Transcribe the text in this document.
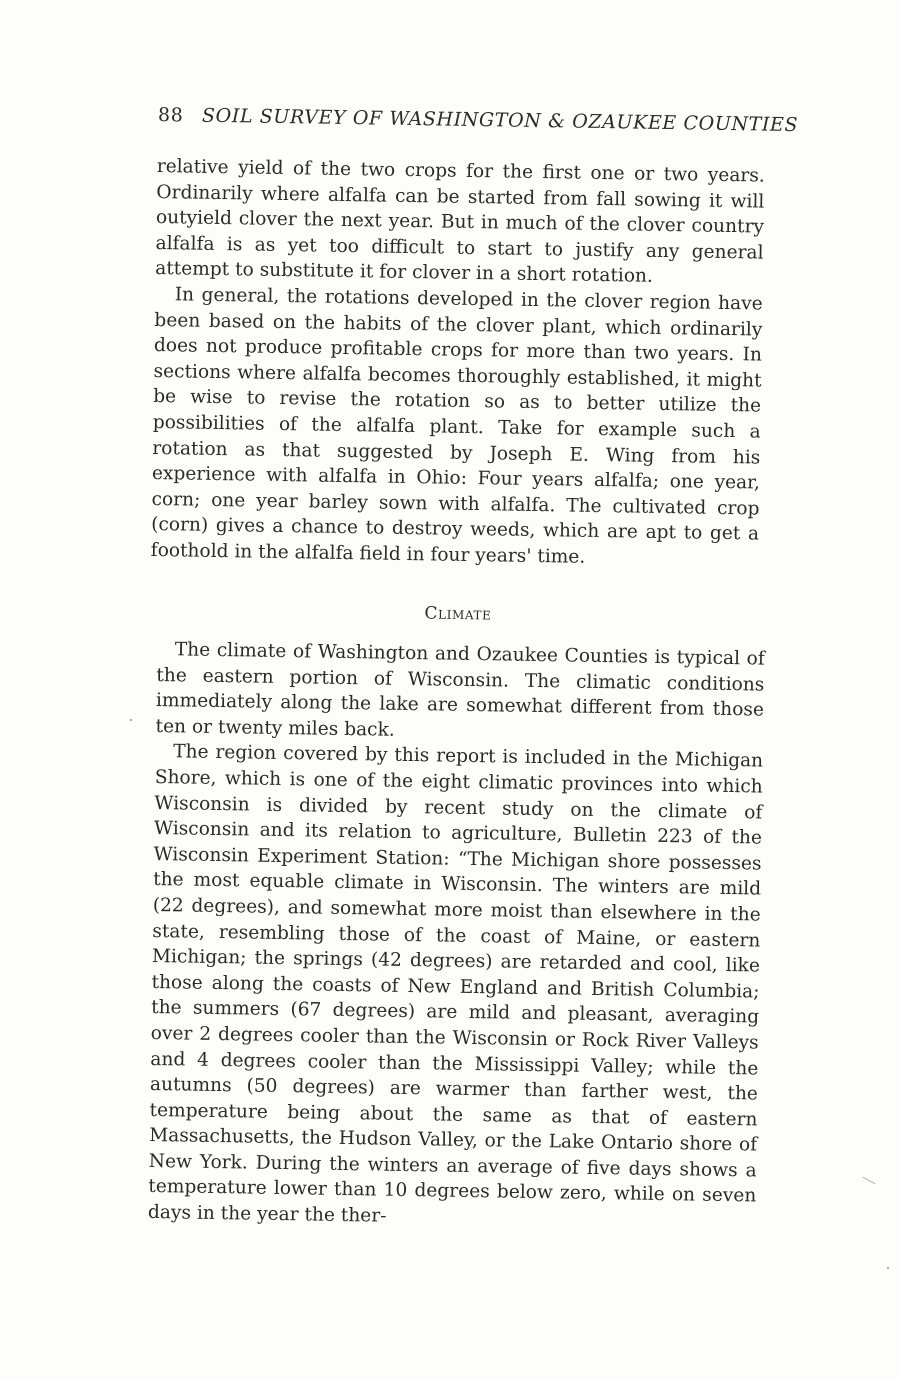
88 SOIL SURVEY OF WASHINGTON & OZAUKEE COUNTIES

relative yield of the two crops for the first one or two years. Ordinarily where alfalfa can be started from fall sowing it will outyield clover the next year. But in much of the clover country alfalfa is as yet too difficult to start to justify any general attempt to substitute it for clover in a short rotation.

In general, the rotations developed in the clover region have been based on the habits of the clover plant, which ordinarily does not produce profitable crops for more than two years. In sections where alfalfa becomes thoroughly established, it might be wise to revise the rotation so as to better utilize the possibilities of the alfalfa plant. Take for example such a rotation as that suggested by Joseph E. Wing from his experience with alfalfa in Ohio: Four years alfalfa; one year, corn; one year barley sown with alfalfa. The cultivated crop (corn) gives a chance to destroy weeds, which are apt to get a foothold in the alfalfa field in four years' time.

Climate

The climate of Washington and Ozaukee Counties is typical of the eastern portion of Wisconsin. The climatic conditions immediately along the lake are somewhat different from those ten or twenty miles back.

The region covered by this report is included in the Michigan Shore, which is one of the eight climatic provinces into which Wisconsin is divided by recent study on the climate of Wisconsin and its relation to agriculture, Bulletin 223 of the Wisconsin Experiment Station: “The Michigan shore possesses the most equable climate in Wisconsin. The winters are mild (22 degrees), and somewhat more moist than elsewhere in the state, resembling those of the coast of Maine, or eastern Michigan; the springs (42 degrees) are retarded and cool, like those along the coasts of New England and British Columbia; the summers (67 degrees) are mild and pleasant, averaging over 2 degrees cooler than the Wisconsin or Rock River Valleys and 4 degrees cooler than the Mississippi Valley; while the autumns (50 degrees) are warmer than farther west, the temperature being about the same as that of eastern Massachusetts, the Hudson Valley, or the Lake Ontario shore of New York. During the winters an average of five days shows a temperature lower than 10 degrees below zero, while on seven days in the year the ther-
